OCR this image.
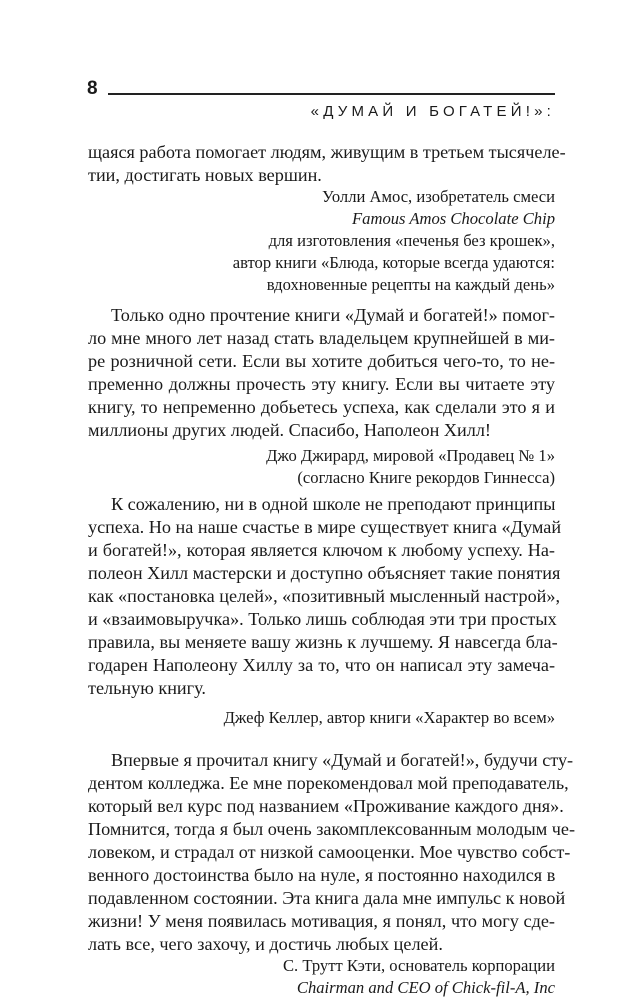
8
«ДУМАЙ И БОГАТЕЙ!»:
щаяся работа помогает людям, живущим в третьем тысячеле-
тии, достигать новых вершин.
Уолли Амос, изобретатель смеси
Famous Amos Chocolate Chip
для изготовления «печенья без крошек»,
автор книги «Блюда, которые всегда удаются:
вдохновенные рецепты на каждый день»
Только одно прочтение книги «Думай и богатей!» помог-
ло мне много лет назад стать владельцем крупнейшей в ми-
ре розничной сети. Если вы хотите добиться чего-то, то не-
пременно должны прочесть эту книгу. Если вы читаете эту
книгу, то непременно добьетесь успеха, как сделали это я и
миллионы других людей. Спасибо, Наполеон Хилл!
Джо Джирард, мировой «Продавец № 1»
(согласно Книге рекордов Гиннесса)
К сожалению, ни в одной школе не преподают принципы
успеха. Но на наше счастье в мире существует книга «Думай
и богатей!», которая является ключом к любому успеху. На-
полеон Хилл мастерски и доступно объясняет такие понятия
как «постановка целей», «позитивный мысленный настрой»,
и «взаимовыручка». Только лишь соблюдая эти три простых
правила, вы меняете вашу жизнь к лучшему. Я навсегда бла-
годарен Наполеону Хиллу за то, что он написал эту замеча-
тельную книгу.
Джеф Келлер, автор книги «Характер во всем»
Впервые я прочитал книгу «Думай и богатей!», будучи сту-
дентом колледжа. Ее мне порекомендовал мой преподаватель,
который вел курс под названием «Проживание каждого дня».
Помнится, тогда я был очень закомплексованным молодым че-
ловеком, и страдал от низкой самооценки. Мое чувство собст-
венного достоинства было на нуле, я постоянно находился в
подавленном состоянии. Эта книга дала мне импульс к новой
жизни! У меня появилась мотивация, я понял, что могу сде-
лать все, чего захочу, и достичь любых целей.
С. Трутт Кэти, основатель корпорации
Chairman and CEO of Chick-fil-A, Inc
